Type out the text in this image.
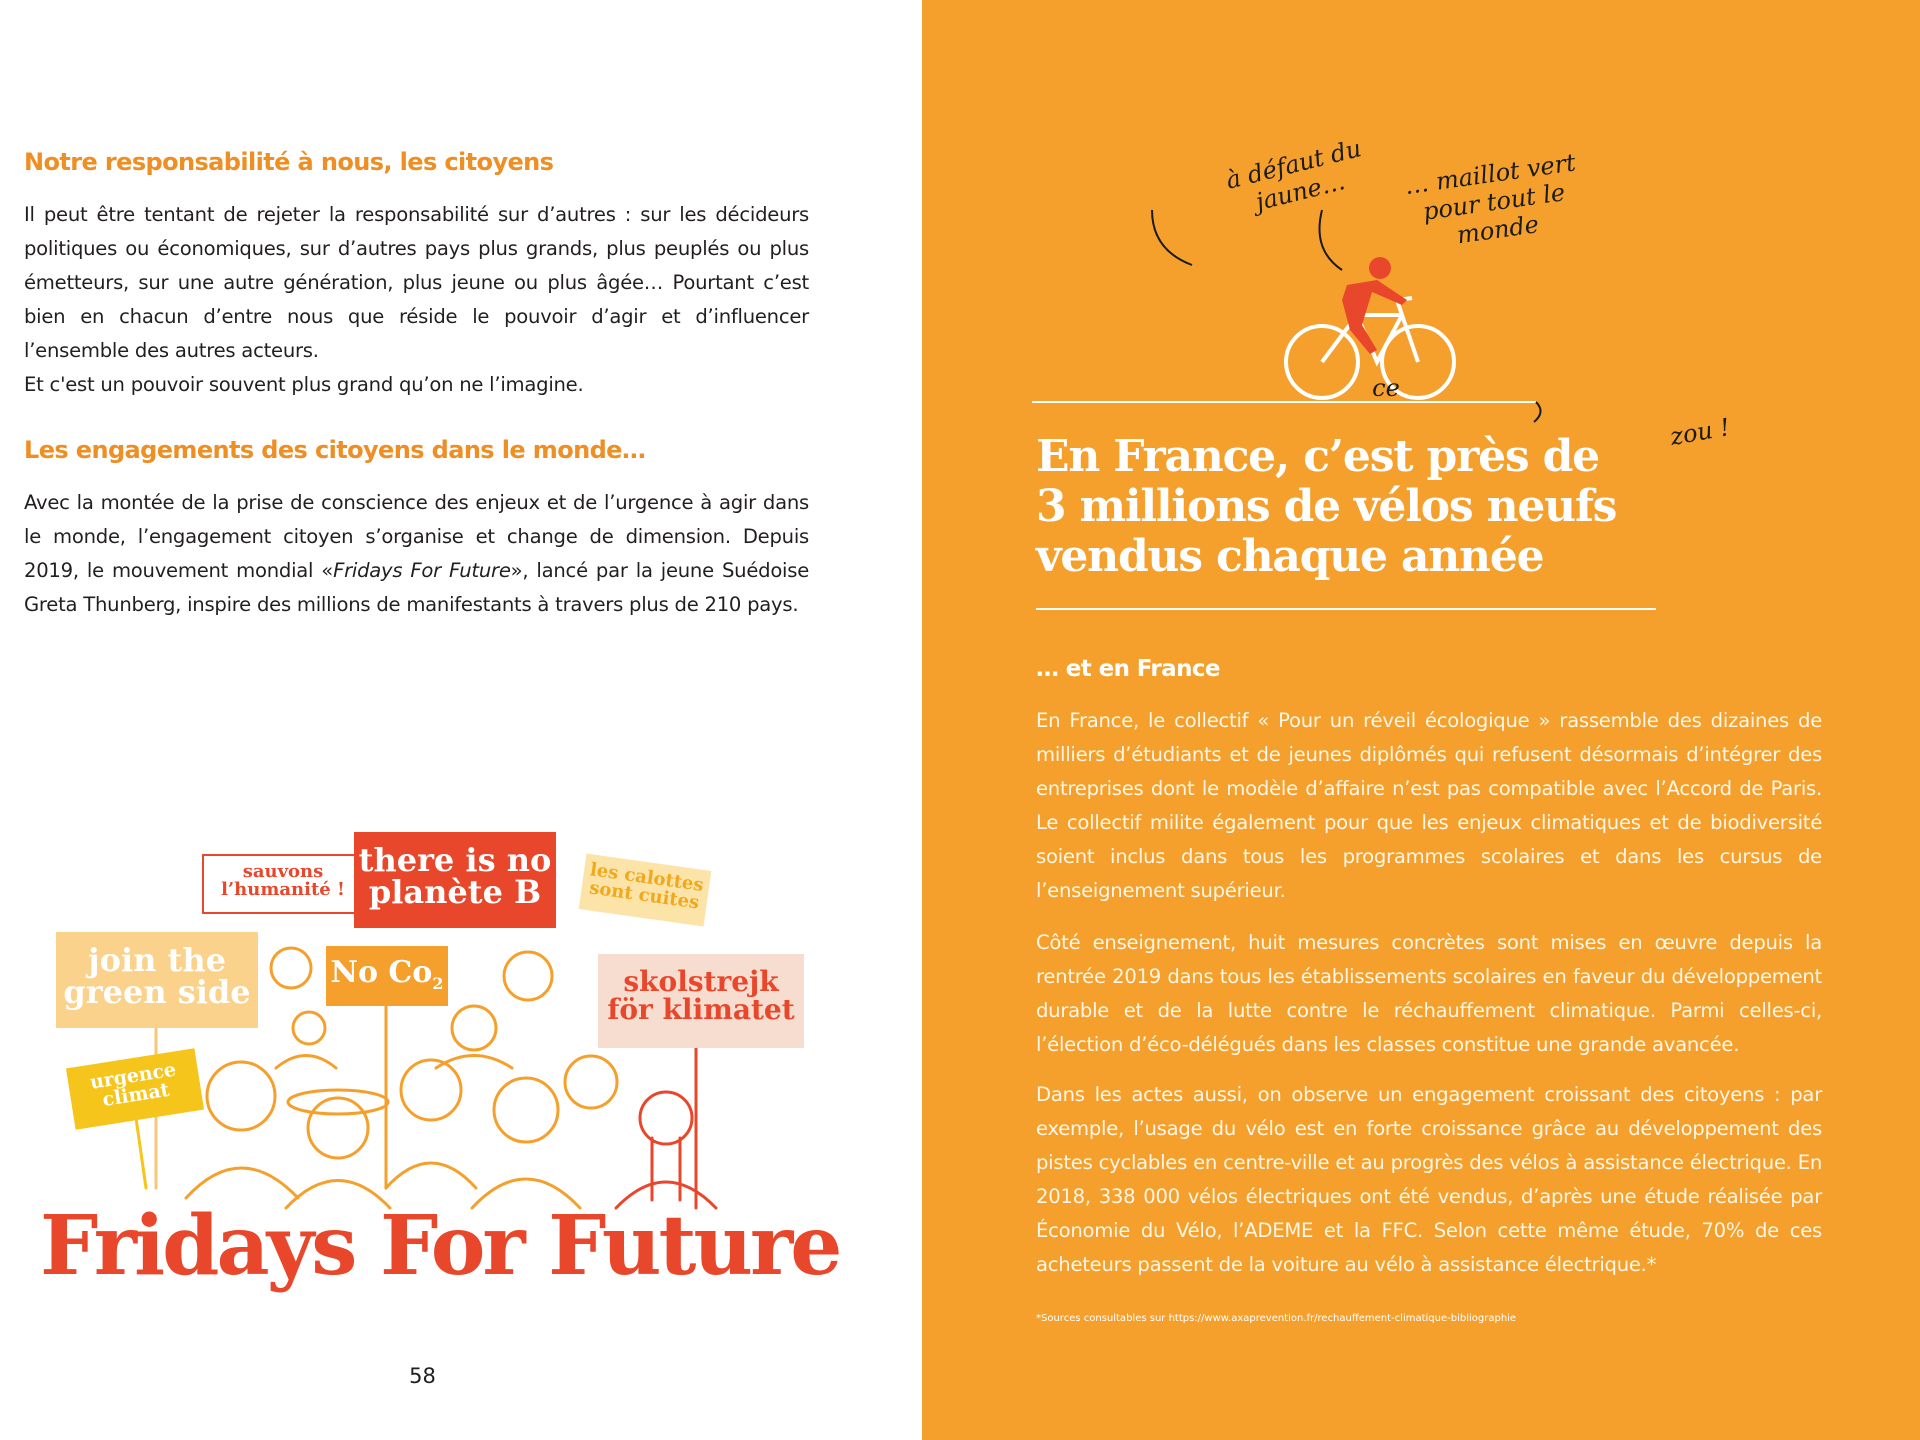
Notre responsabilité à nous, les citoyens

Il peut être tentant de rejeter la responsabilité sur d’autres : sur les décideurs politiques ou économiques, sur d’autres pays plus grands, plus peuplés ou plus émetteurs, sur une autre génération, plus jeune ou plus âgée… Pourtant c’est bien en chacun d’entre nous que réside le pouvoir d’agir et d’influencer l’ensemble des autres acteurs.

Et c'est un pouvoir souvent plus grand qu’on ne l’imagine.

Les engagements des citoyens dans le monde…

Avec la montée de la prise de conscience des enjeux et de l’urgence à agir dans le monde, l’engagement citoyen s’organise et change de dimension. Depuis 2019, le mouvement mondial «Fridays For Future», lancé par la jeune Suédoise Greta Thunberg, inspire des millions de manifestants à travers plus de 210 pays.

sauvons l’humanité !
there is no planète B	les calottes sont cuites
join the green side
No $Co_2$	skolstrejk för klimatet
urgence climat
Fridays For Future
58
à défaut du jaune…	… maillot vert pour tout le monde
zou !
ce
En France, c’est près de 3 millions de vélos neufs vendus chaque année
… et en France

En France, le collectif « Pour un réveil écologique » rassemble des dizaines de milliers d’étudiants et de jeunes diplômés qui refusent désormais d’intégrer des entreprises dont le modèle d’affaire n’est pas compatible avec l’Accord de Paris. Le collectif milite également pour que les enjeux climatiques et de biodiversité soient inclus dans tous les programmes scolaires et dans les cursus de l’enseignement supérieur.

Côté enseignement, huit mesures concrètes sont mises en œuvre depuis la rentrée 2019 dans tous les établissements scolaires en faveur du développement durable et de la lutte contre le réchauffement climatique. Parmi celles-ci, l’élection d’éco-délégués dans les classes constitue une grande avancée.

Dans les actes aussi, on observe un engagement croissant des citoyens : par exemple, l’usage du vélo est en forte croissance grâce au développement des pistes cyclables en centre-ville et au progrès des vélos à assistance électrique. En 2018, 338 000 vélos électriques ont été vendus, d’après une étude réalisée par Économie du Vélo, l’ADEME et la FFC. Selon cette même étude, 70% de ces acheteurs passent de la voiture au vélo à assistance électrique.*

*Sources consultables sur https://www.axaprevention.fr/rechauffement-climatique-bibliographie
